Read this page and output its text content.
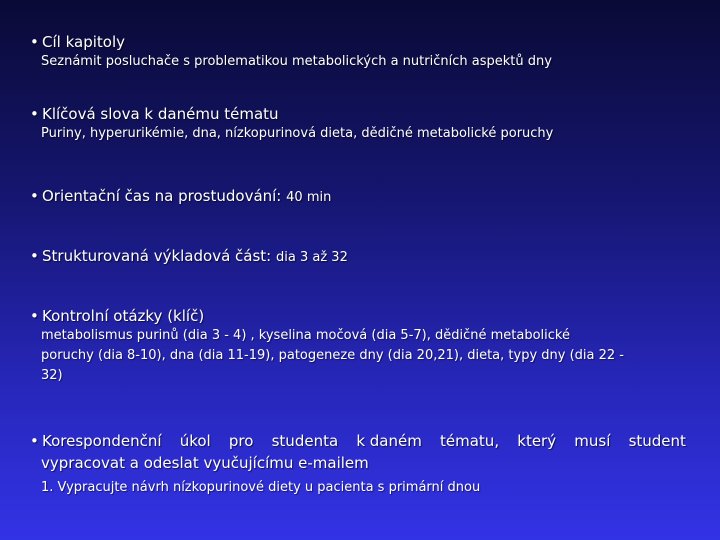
• Cíl kapitoly
Seznámit posluchače s problematikou metabolických a nutričních aspektů dny
• Klíčová slova k danému tématu
Puriny, hyperurikémie, dna, nízkopurinová dieta, dědičné metabolické poruchy
• Orientační čas na prostudování: 40 min
• Strukturovaná výkladová část: dia 3 až 32
• Kontrolní otázky (klíč)
metabolismus purinů (dia 3 - 4) , kyselina močová (dia 5-7), dědičné metabolické
poruchy (dia 8-10), dna (dia 11-19), patogeneze dny (dia 20,21), dieta, typy dny (dia 22 -
32)
• Korespondenční úkol pro studenta k daném tématu, který musí student
vypracovat a odeslat vyučujícímu e-mailem
1. Vypracujte návrh nízkopurinové diety u pacienta s primární dnou
